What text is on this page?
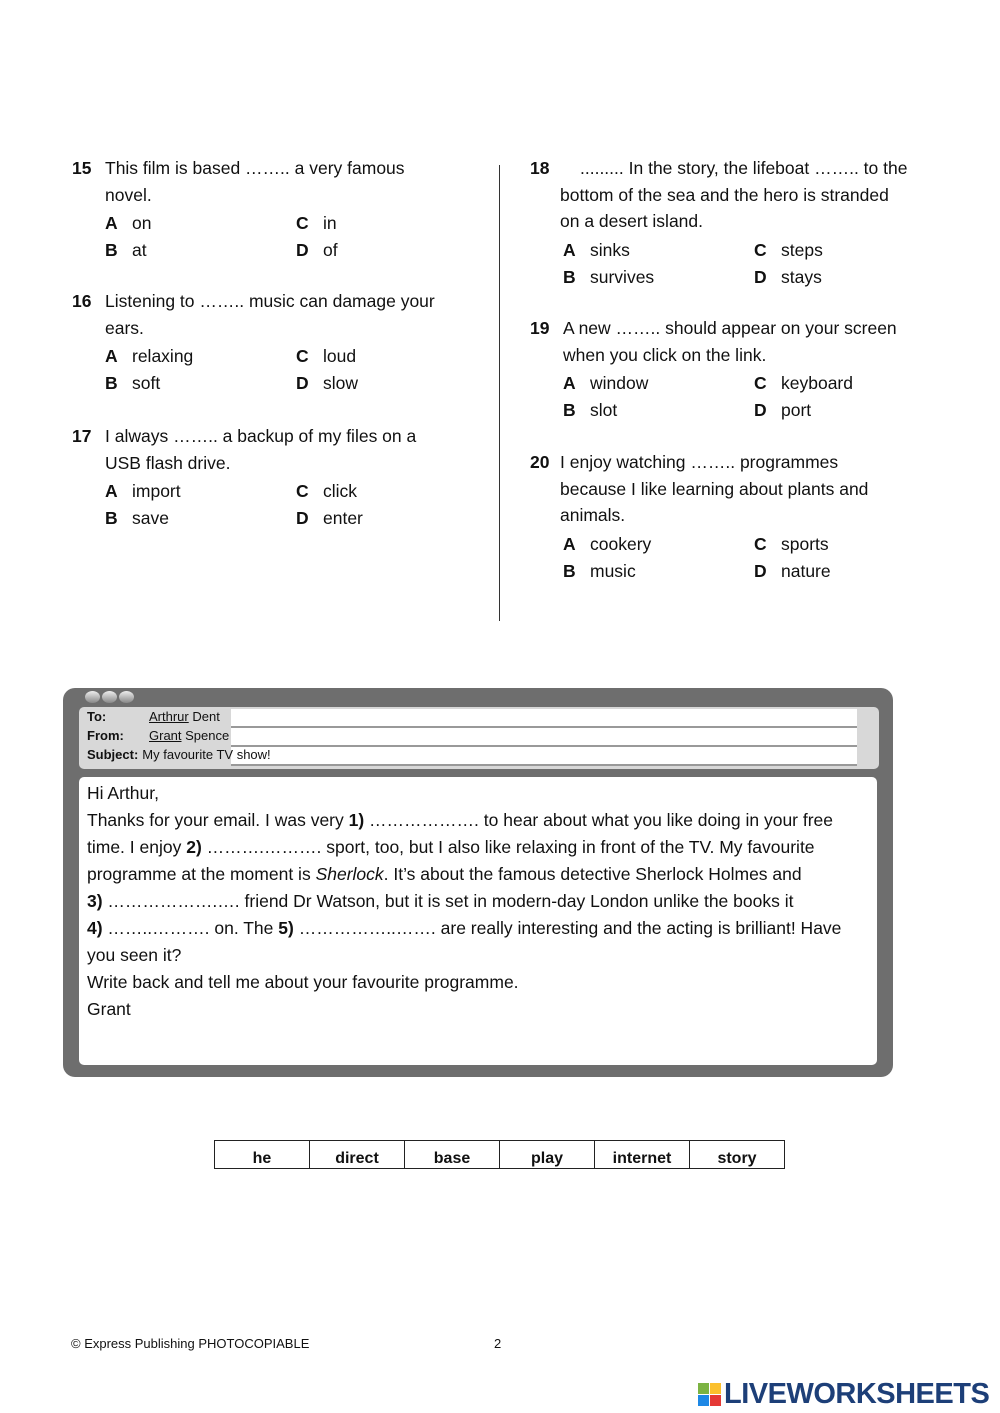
15 This film is based …….. a very famous
novel.
A on	C in
B at	D of
16 Listening to …….. music can damage your
ears.
A relaxing	C loud
B soft	D slow
17 I always …….. a backup of my files on a
USB flash drive.
A import	C click
B save	D enter
18 ......... In the story, the lifeboat …….. to the
bottom of the sea and the hero is stranded
on a desert island.
A sinks	C steps
B survives	D stays
19 A new …….. should appear on your screen
when you click on the link.
A window	C keyboard
B slot	D port
20 I enjoy watching …….. programmes
because I like learning about plants and
animals.
A cookery	C sports
B music	D nature
To:	Arthrur Dent
From: Grant Spence
Subject: My favourite TV show!
Hi Arthur,
Thanks for your email. I was very 1) ………………. to hear about what you like doing in your free
time. I enjoy 2) ……….………. sport, too, but I also like relaxing in front of the TV. My favourite
programme at the moment is Sherlock. It’s about the famous detective Sherlock Holmes and
3) ……………….…. friend Dr Watson, but it is set in modern-day London unlike the books it
4) ……..………. on. The 5) ……………..……. are really interesting and the acting is brilliant! Have
you seen it?
Write back and tell me about your favourite programme.
Grant
he	direct	base	play	internet	story
© Express Publishing PHOTOCOPIABLE	2
LIVEWORKSHEETS
